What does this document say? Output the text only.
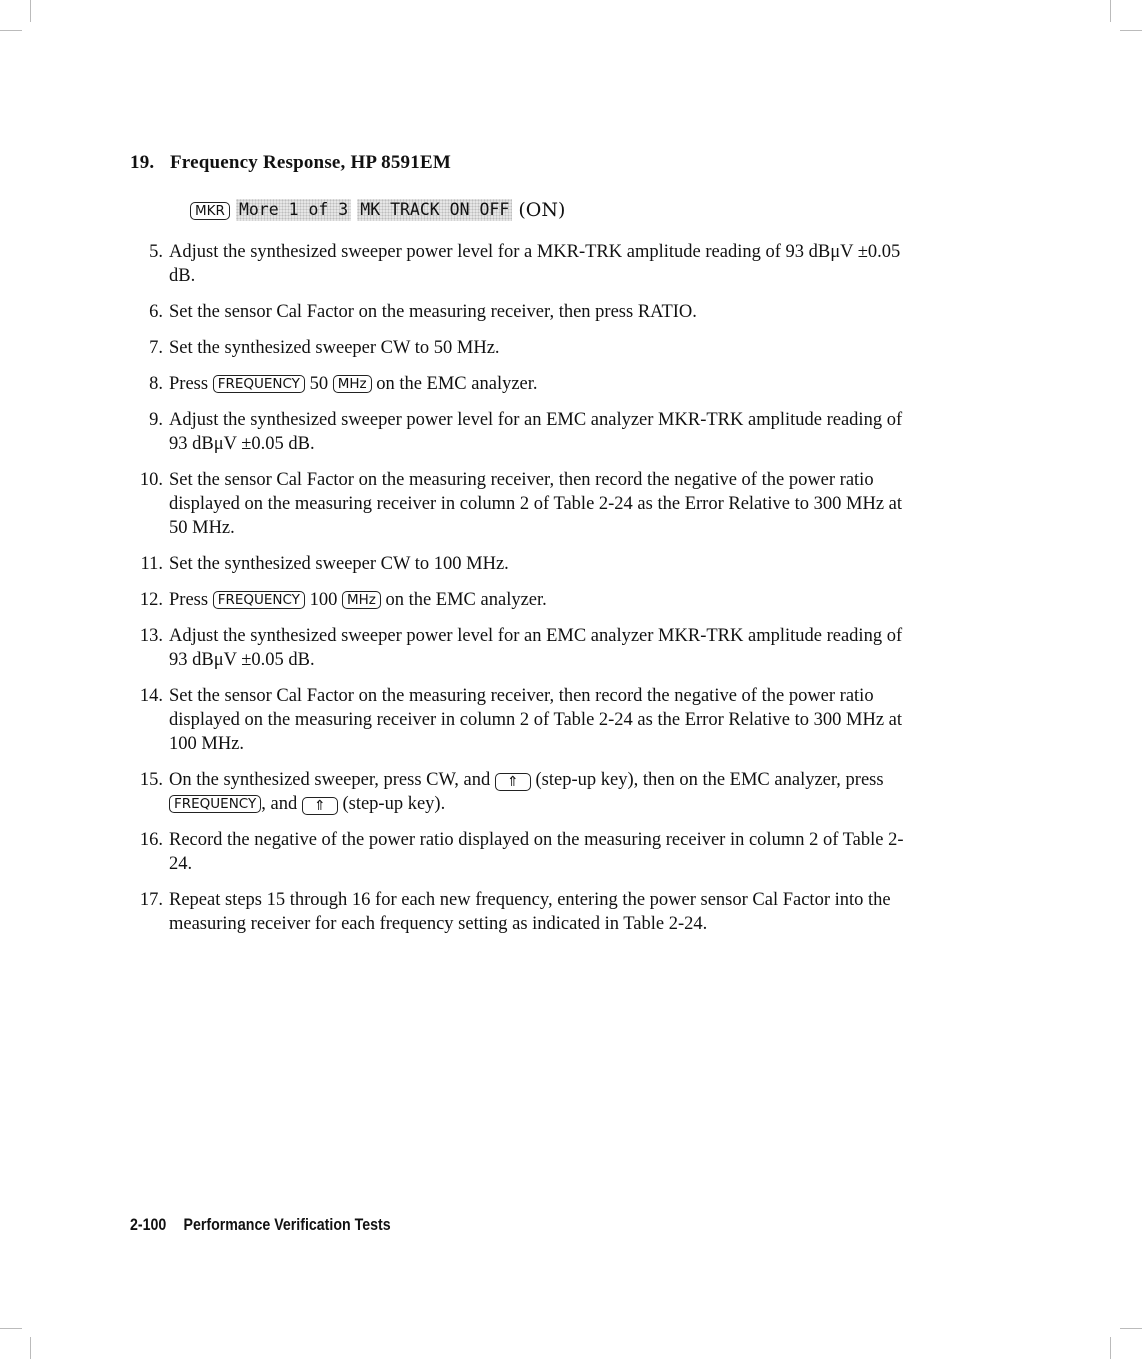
19. Frequency Response, HP 8591EM
MKR More 1 of 3 MK TRACK ON OFF (ON)
5. Adjust the synthesized sweeper power level for a MKR-TRK amplitude reading of 93 dBμV ±0.05 dB.
6. Set the sensor Cal Factor on the measuring receiver, then press RATIO.
7. Set the synthesized sweeper CW to 50 MHz.
8. Press FREQUENCY 50 MHz on the EMC analyzer.
9. Adjust the synthesized sweeper power level for an EMC analyzer MKR-TRK amplitude reading of 93 dBμV ±0.05 dB.
10. Set the sensor Cal Factor on the measuring receiver, then record the negative of the power ratio displayed on the measuring receiver in column 2 of Table 2-24 as the Error Relative to 300 MHz at 50 MHz.
11. Set the synthesized sweeper CW to 100 MHz.
12. Press FREQUENCY 100 MHz on the EMC analyzer.
13. Adjust the synthesized sweeper power level for an EMC analyzer MKR-TRK amplitude reading of 93 dBμV ±0.05 dB.
14. Set the sensor Cal Factor on the measuring receiver, then record the negative of the power ratio displayed on the measuring receiver in column 2 of Table 2-24 as the Error Relative to 300 MHz at 100 MHz.
15. On the synthesized sweeper, press CW, and ⇑ (step-up key), then on the EMC analyzer, press FREQUENCY , and ⇑ (step-up key).
16. Record the negative of the power ratio displayed on the measuring receiver in column 2 of Table 2-24.
17. Repeat steps 15 through 16 for each new frequency, entering the power sensor Cal Factor into the measuring receiver for each frequency setting as indicated in Table 2-24.
2-100 Performance Verification Tests
